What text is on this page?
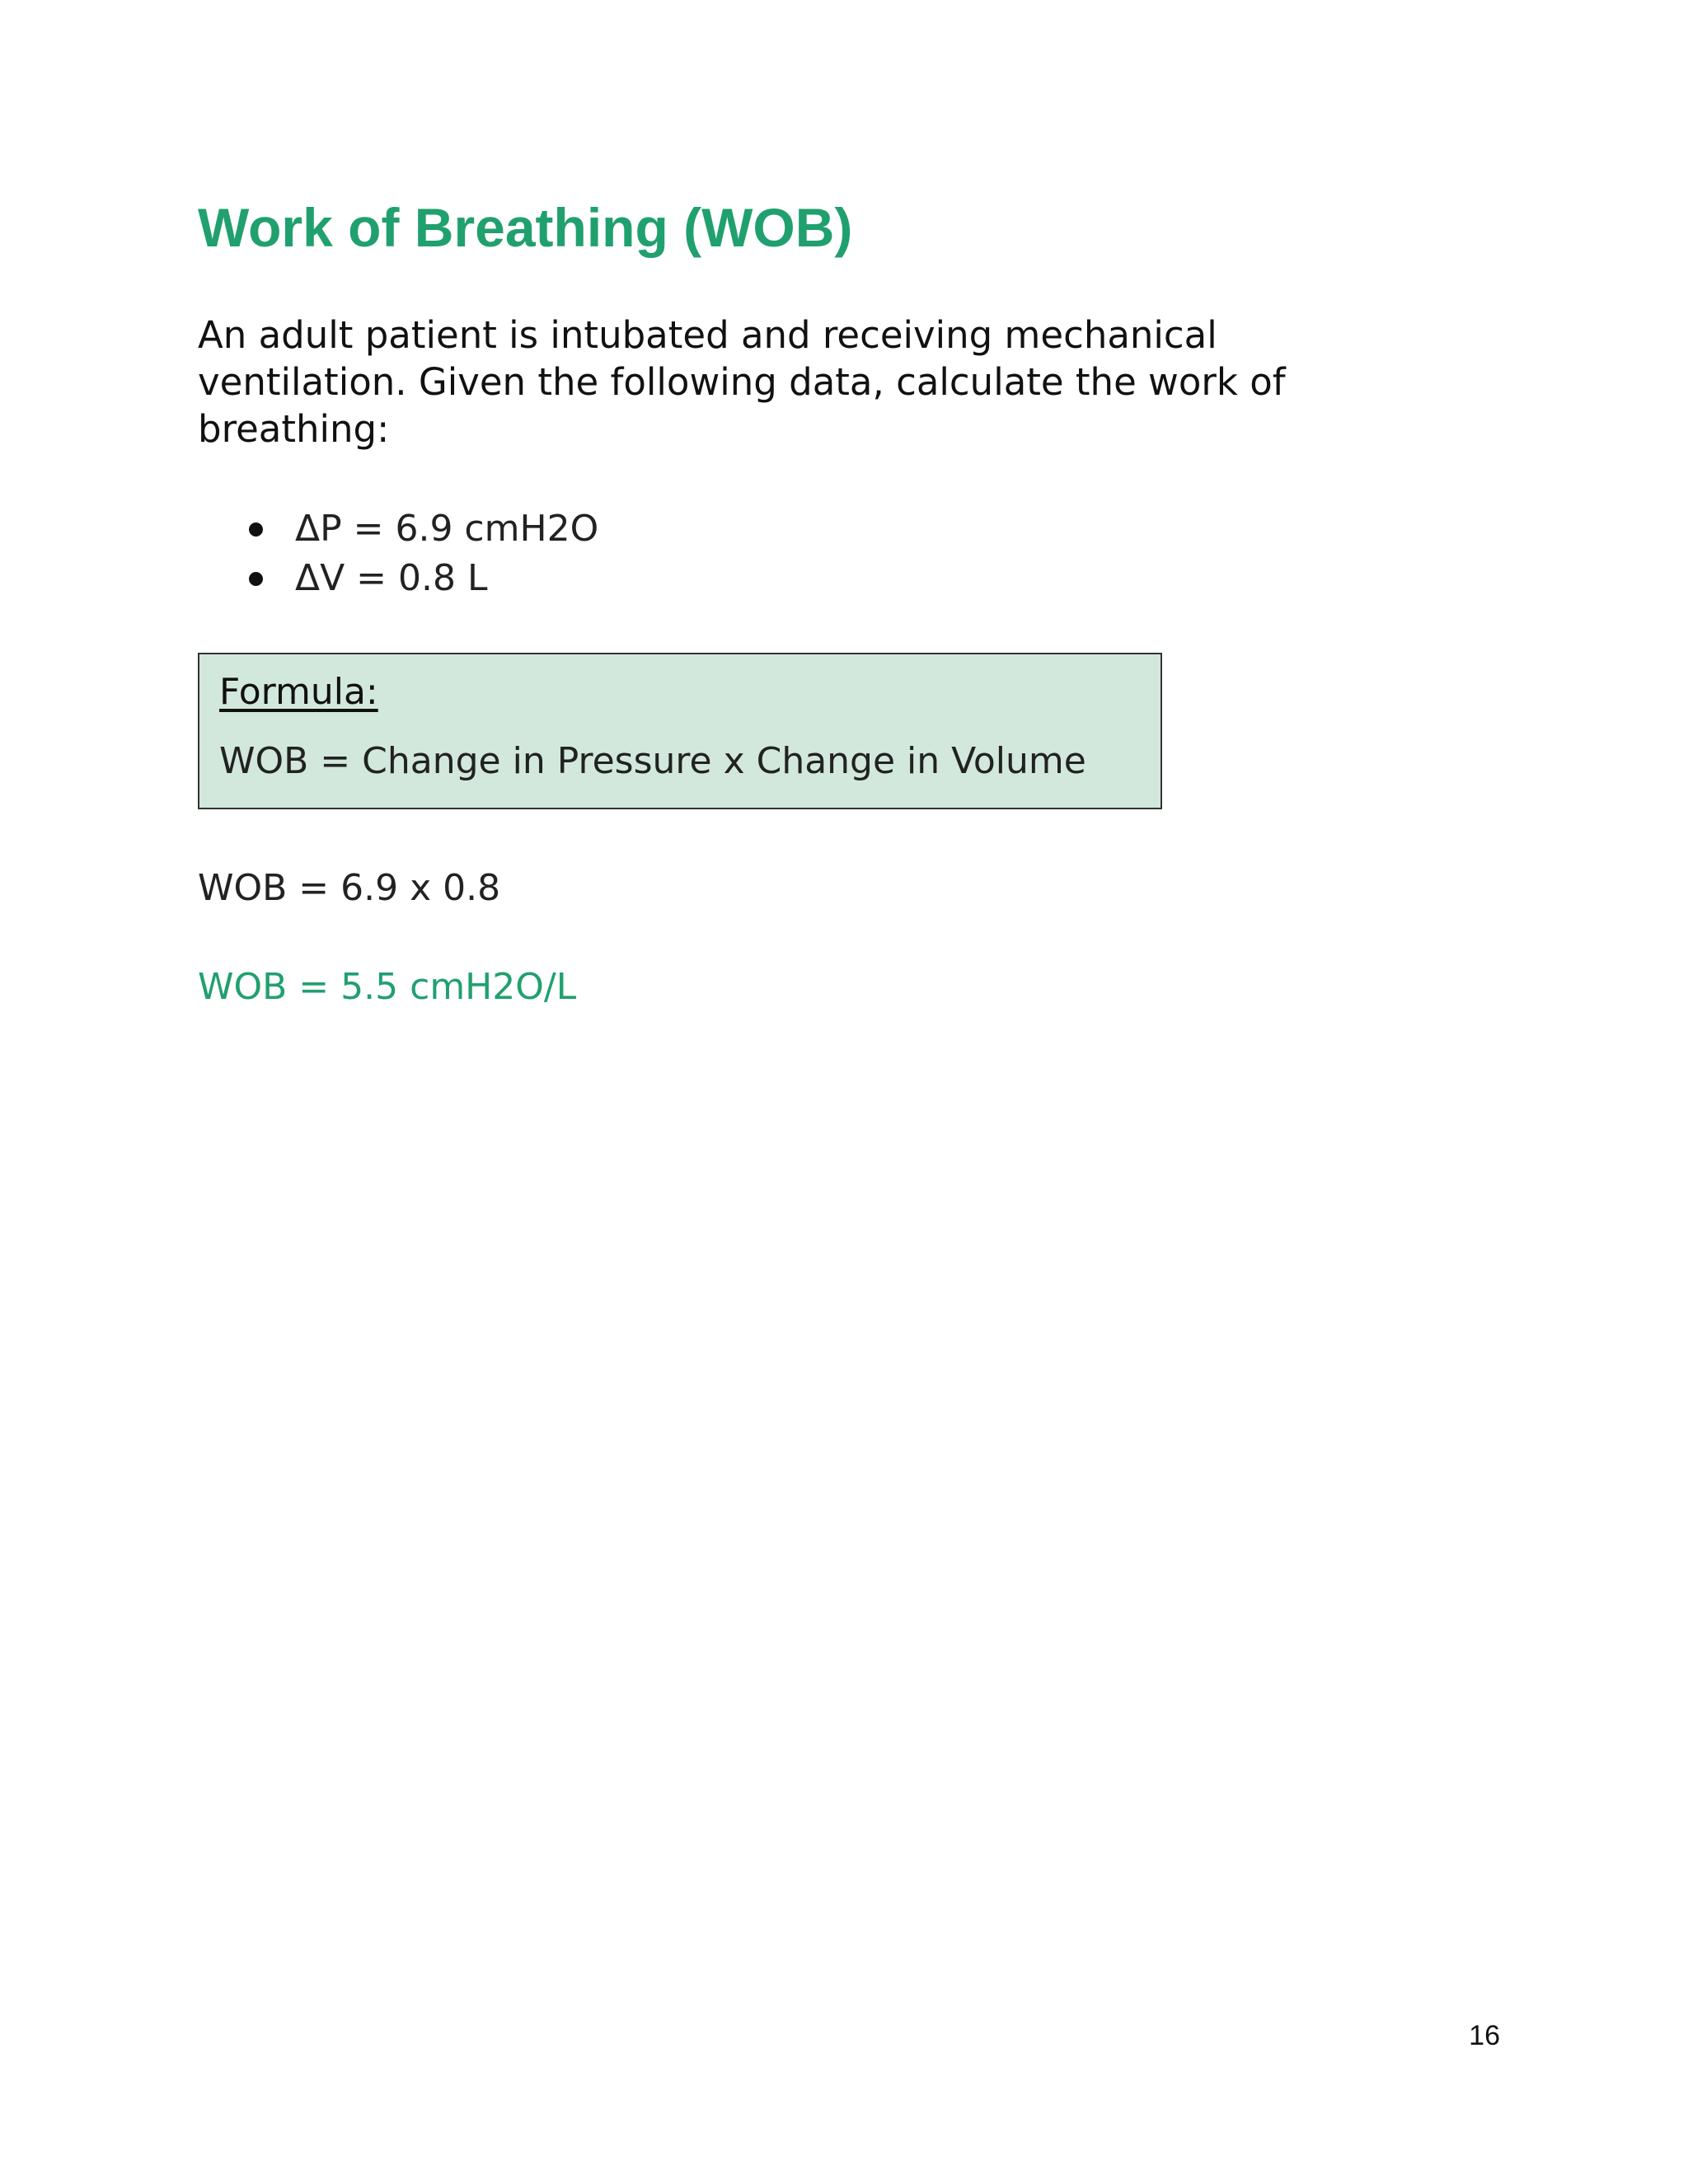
Work of Breathing (WOB)

An adult patient is intubated and receiving mechanical ventilation. Given the following data, calculate the work of breathing:

ΔP = 6.9 cmH2O
ΔV = 0.8 L
Formula:
WOB = Change in Pressure x Change in Volume

WOB = 6.9 x 0.8

WOB = 5.5 cmH2O/L

16
